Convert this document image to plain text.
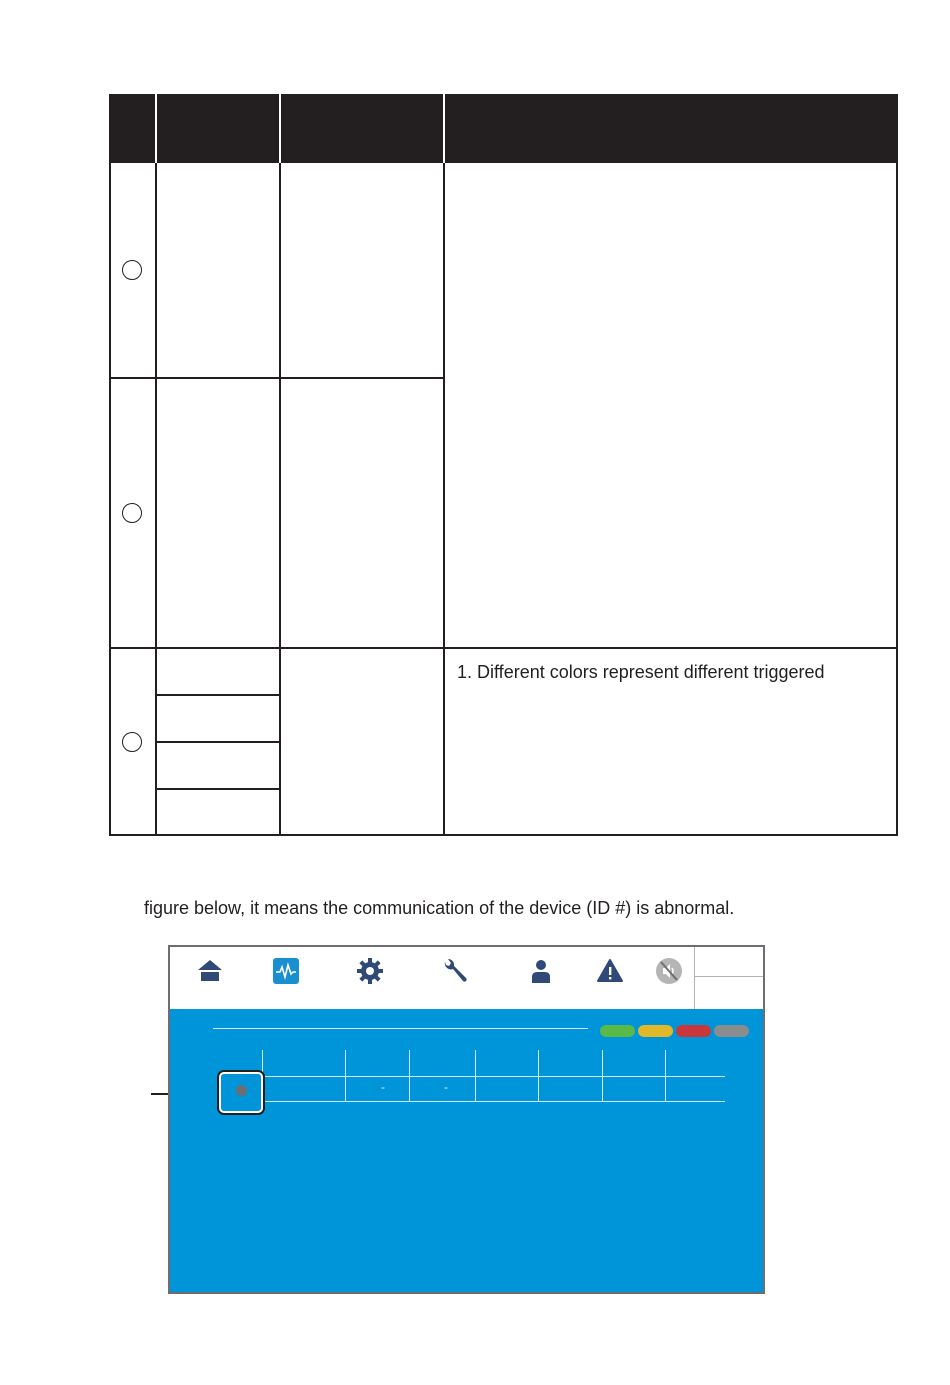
1. Different colors represent different triggered
figure below, it means the communication of the device (ID #) is abnormal.
-	-
